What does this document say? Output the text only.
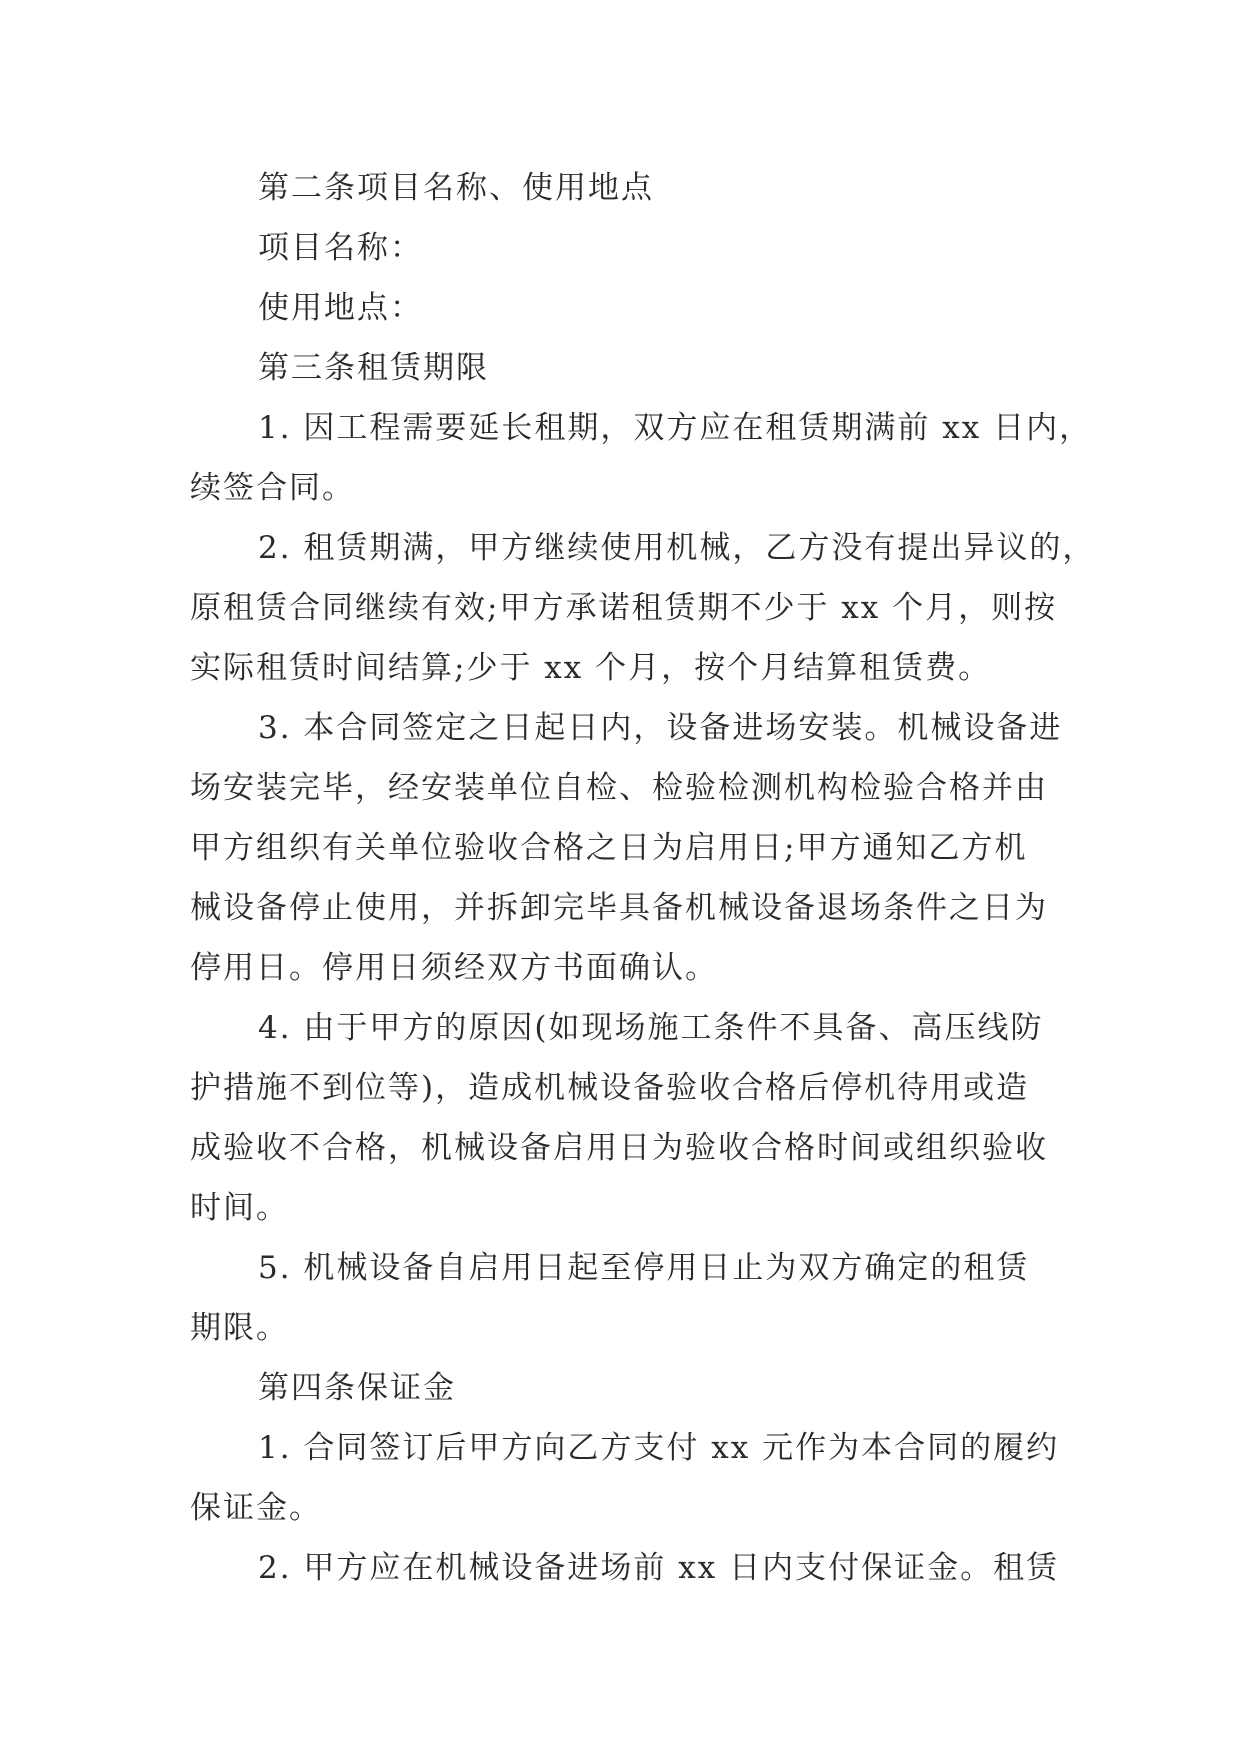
第二条项目名称、使用地点

项目名称：

使用地点：

第三条租赁期限

1. 因工程需要延长租期，双方应在租赁期满前 xx 日内，

续签合同。

2. 租赁期满，甲方继续使用机械，乙方没有提出异议的，

原租赁合同继续有效;甲方承诺租赁期不少于 xx 个月，则按

实际租赁时间结算;少于 xx 个月，按个月结算租赁费。

3. 本合同签定之日起日内，设备进场安装。机械设备进

场安装完毕，经安装单位自检、检验检测机构检验合格并由

甲方组织有关单位验收合格之日为启用日;甲方通知乙方机

械设备停止使用，并拆卸完毕具备机械设备退场条件之日为

停用日。停用日须经双方书面确认。

4. 由于甲方的原因(如现场施工条件不具备、高压线防

护措施不到位等)，造成机械设备验收合格后停机待用或造

成验收不合格，机械设备启用日为验收合格时间或组织验收

时间。

5. 机械设备自启用日起至停用日止为双方确定的租赁

期限。

第四条保证金

1. 合同签订后甲方向乙方支付 xx 元作为本合同的履约

保证金。

2. 甲方应在机械设备进场前 xx 日内支付保证金。租赁
